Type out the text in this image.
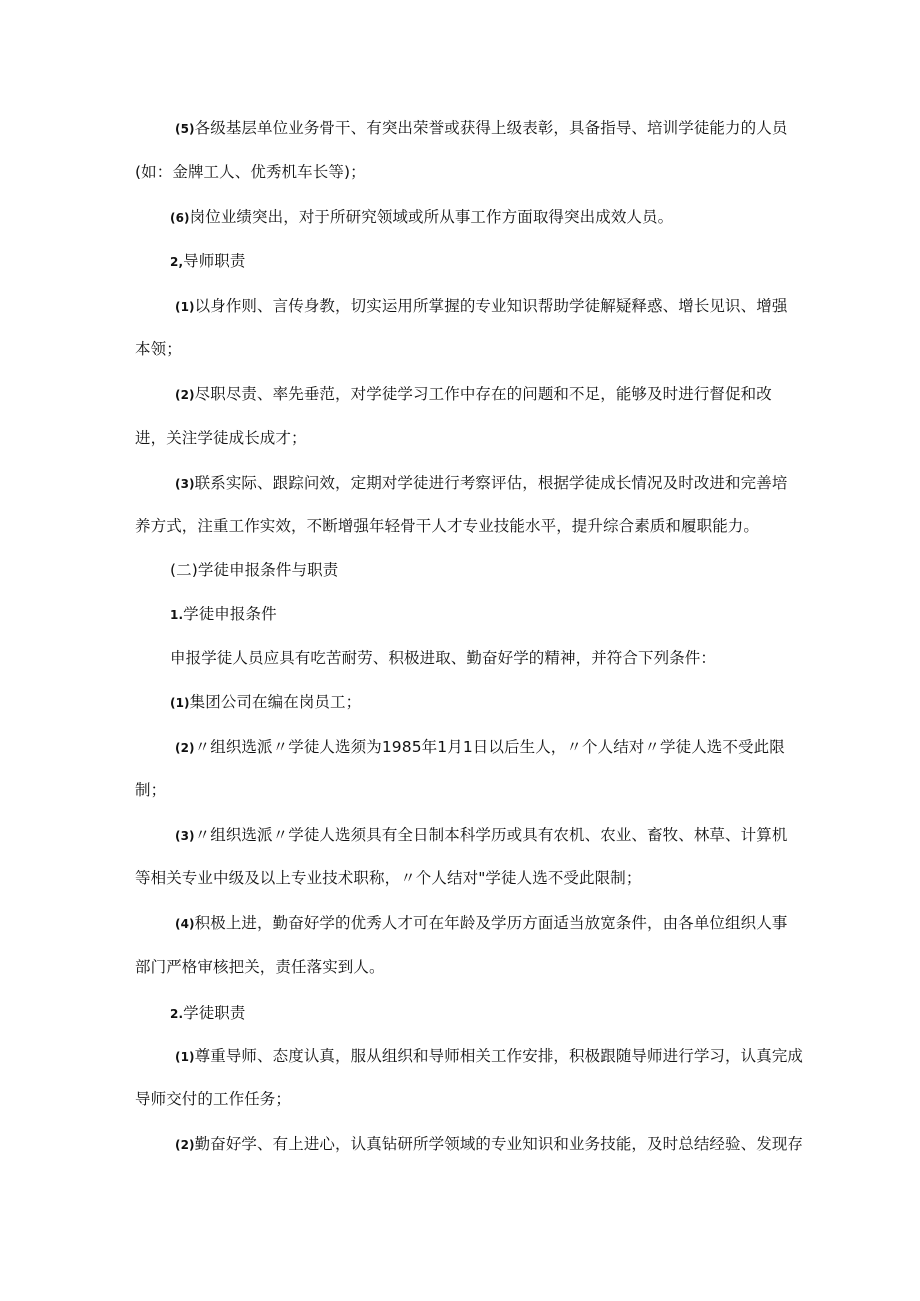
(5)各级基层单位业务骨干、有突出荣誉或获得上级表彰，具备指导、培训学徒能力的人员
(如：金牌工人、优秀机车长等)；
(6)岗位业绩突出，对于所研究领域或所从事工作方面取得突出成效人员。
2,导师职责
(1)以身作则、言传身教，切实运用所掌握的专业知识帮助学徒解疑释惑、增长见识、增强
本领；
(2)尽职尽责、率先垂范，对学徒学习工作中存在的问题和不足，能够及时进行督促和改
进，关注学徒成长成才；
(3)联系实际、跟踪问效，定期对学徒进行考察评估，根据学徒成长情况及时改进和完善培
养方式，注重工作实效，不断增强年轻骨干人才专业技能水平，提升综合素质和履职能力。
(二)学徒申报条件与职责
1.学徒申报条件
申报学徒人员应具有吃苦耐劳、积极进取、勤奋好学的精神，并符合下列条件：
(1)集团公司在编在岗员工；
(2)〃组织选派〃学徒人选须为1985年1月1日以后生人，〃个人结对〃学徒人选不受此限
制；
(3)〃组织选派〃学徒人选须具有全日制本科学历或具有农机、农业、畜牧、林草、计算机
等相关专业中级及以上专业技术职称，〃个人结对"学徒人选不受此限制；
(4)积极上进，勤奋好学的优秀人才可在年龄及学历方面适当放宽条件，由各单位组织人事
部门严格审核把关，责任落实到人。
2.学徒职责
(1)尊重导师、态度认真，服从组织和导师相关工作安排，积极跟随导师进行学习，认真完成
导师交付的工作任务；
(2)勤奋好学、有上进心，认真钻研所学领域的专业知识和业务技能，及时总结经验、发现存
